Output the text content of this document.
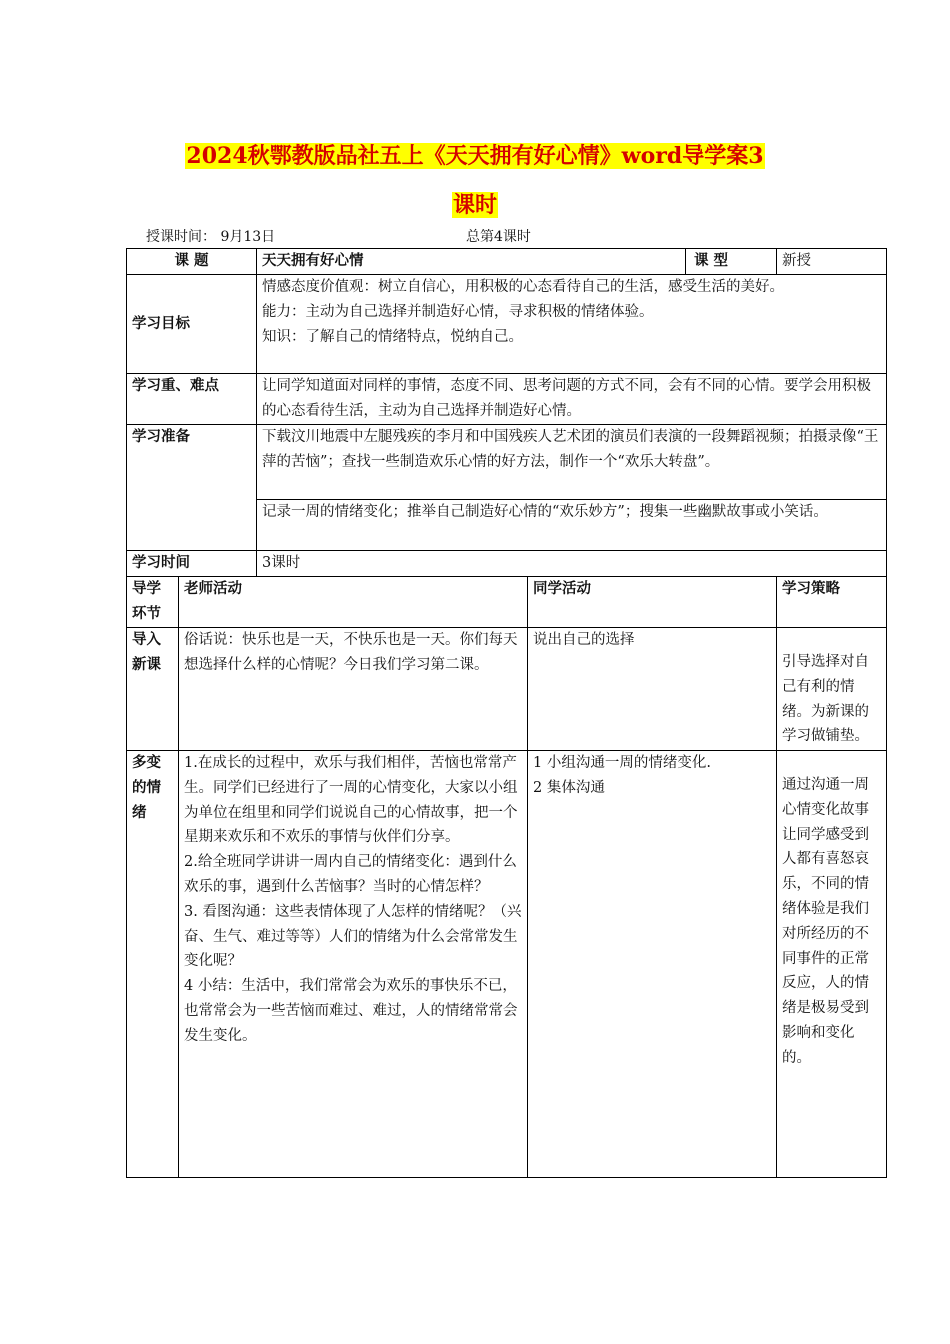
2024秋鄂教版品社五上《天天拥有好心情》word导学案3
课时
授课时间： 9月13日	总第4课时
课 题		天天拥有好心情		课 型	新授
学习目标		情感态度价值观：树立自信心，用积极的心态看待自己的生活，感受生活的美好。
能力：主动为自己选择并制造好心情，寻求积极的情绪体验。
知识：了解自己的情绪特点，悦纳自己。			

学习重、难点		让同学知道面对同样的事情，态度不同、思考问题的方式不同，会有不同的心情。要学会用积极的心态看待生活，主动为自己选择并制造好心情。			
学习准备		下载汶川地震中左腿残疾的李月和中国残疾人艺术团的演员们表演的一段舞蹈视频；拍摄录像“王萍的苦恼”；查找一些制造欢乐心情的好方法，制作一个“欢乐大转盘”。			
		记录一周的情绪变化；推举自己制造好心情的“欢乐妙方”；搜集一些幽默故事或小笑话。			
学习时间		3课时			
导学环节	老师活动		同学活动		学习策略
导入新课	俗话说：快乐也是一天，不快乐也是一天。你们每天想选择什么样的心情呢？今日我们学习第二课。		说出自己的选择		引导选择对自己有利的情绪。为新课的学习做铺垫。
多变的情绪	1.在成长的过程中，欢乐与我们相伴，苦恼也常常产生。同学们已经进行了一周的心情变化，大家以小组为单位在组里和同学们说说自己的心情故事，把一个星期来欢乐和不欢乐的事情与伙伴们分享。
2.给全班同学讲讲一周内自己的情绪变化：遇到什么欢乐的事，遇到什么苦恼事？当时的心情怎样？
3. 看图沟通：这些表情体现了人怎样的情绪呢？（兴奋、生气、难过等等）人们的情绪为什么会常常发生变化呢？
4 小结：生活中，我们常常会为欢乐的事快乐不已，也常常会为一些苦恼而难过、难过，人的情绪常常会发生变化。		1 小组沟通一周的情绪变化.
2 集体沟通		通过沟通一周心情变化故事让同学感受到人都有喜怒哀乐，不同的情绪体验是我们对所经历的不同事件的正常反应，人的情绪是极易受到影响和变化的。
